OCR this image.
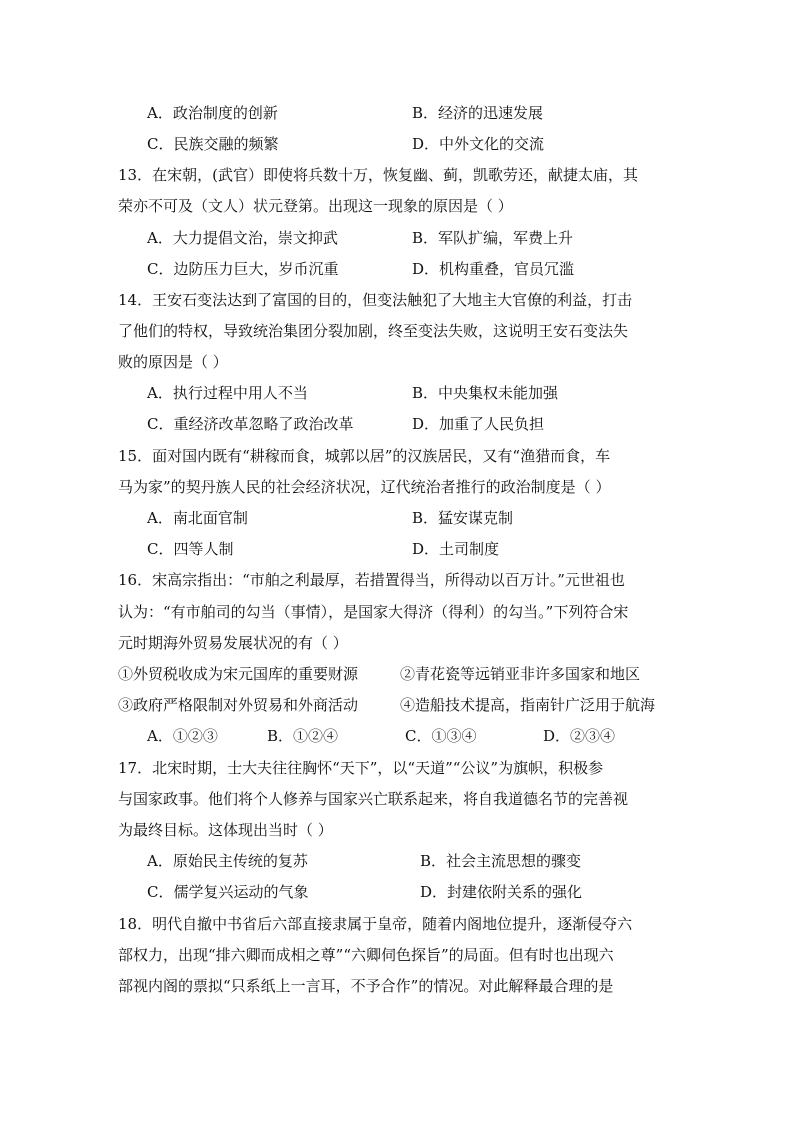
A．政治制度的创新	B．经济的迅速发展
C．民族交融的频繁	D．中外文化的交流
13．在宋朝，(武官）即使将兵数十万，恢复幽、蓟，凯歌劳还，献捷太庙，其
荣亦不可及（文人）状元登第。出现这一现象的原因是（ ）
A．大力提倡文治，崇文抑武	B．军队扩编，军费上升
C．边防压力巨大，岁币沉重	D．机构重叠，官员冗滥
14．王安石变法达到了富国的目的，但变法触犯了大地主大官僚的利益，打击
了他们的特权，导致统治集团分裂加剧，终至变法失败，这说明王安石变法失
败的原因是（ ）
A．执行过程中用人不当	B．中央集权未能加强
C．重经济改革忽略了政治改革	D．加重了人民负担
15．面对国内既有“耕稼而食，城郭以居”的汉族居民，又有“渔猎而食，车
马为家”的契丹族人民的社会经济状况，辽代统治者推行的政治制度是（ ）
A．南北面官制	B．猛安谋克制
C．四等人制	D．土司制度
16．宋高宗指出：“市舶之利最厚，若措置得当，所得动以百万计。”元世祖也
认为：“有市舶司的勾当（事情），是国家大得济（得利）的勾当。”下列符合宋
元时期海外贸易发展状况的有（ ）
①外贸税收成为宋元国库的重要财源	②青花瓷等远销亚非许多国家和地区
③政府严格限制对外贸易和外商活动	④造船技术提高，指南针广泛用于航海
A．①②③	B．①②④	C．①③④	D．②③④
17．北宋时期，士大夫往往胸怀“天下”，以“天道”“公议”为旗帜，积极参
与国家政事。他们将个人修养与国家兴亡联系起来，将自我道德名节的完善视
为最终目标。这体现出当时（ ）
A．原始民主传统的复苏	B．社会主流思想的骤变
C．儒学复兴运动的气象	D．封建依附关系的强化
18．明代自撤中书省后六部直接隶属于皇帝，随着内阁地位提升，逐渐侵夺六
部权力，出现“排六卿而成相之尊”“六卿伺色探旨”的局面。但有时也出现六
部视内阁的票拟“只系纸上一言耳，不予合作”的情况。对此解释最合理的是
